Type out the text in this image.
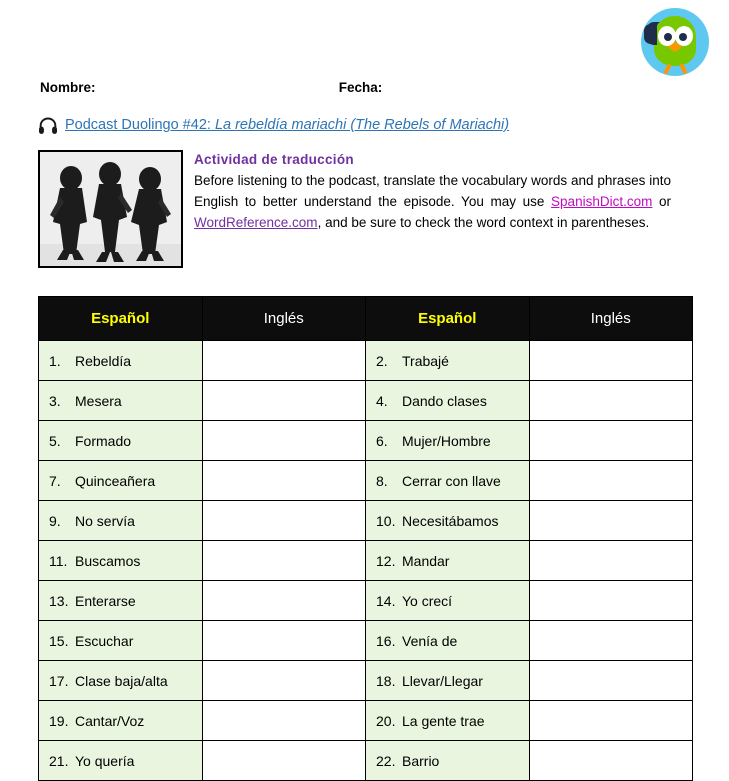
Nombre:	Fecha:
Podcast Duolingo #42: La rebeldía mariachi (The Rebels of Mariachi)
Actividad de traducción
Before listening to the podcast, translate the vocabulary words and phrases into English to better understand the episode. You may use SpanishDict.com or WordReference.com, and be sure to check the word context in parentheses.
Español	Inglés	Español	Inglés
1. Rebeldía		2. Trabajé	
3. Mesera		4. Dando clases	
5. Formado		6. Mujer/Hombre	
7. Quinceañera		8. Cerrar con llave	
9. No servía		10. Necesitábamos	
11. Buscamos		12. Mandar	
13. Enterarse		14. Yo crecí	
15. Escuchar		16. Venía de	
17. Clase baja/alta		18. Llevar/Llegar	
19. Cantar/Voz		20. La gente trae	
21. Yo quería		22. Barrio	
